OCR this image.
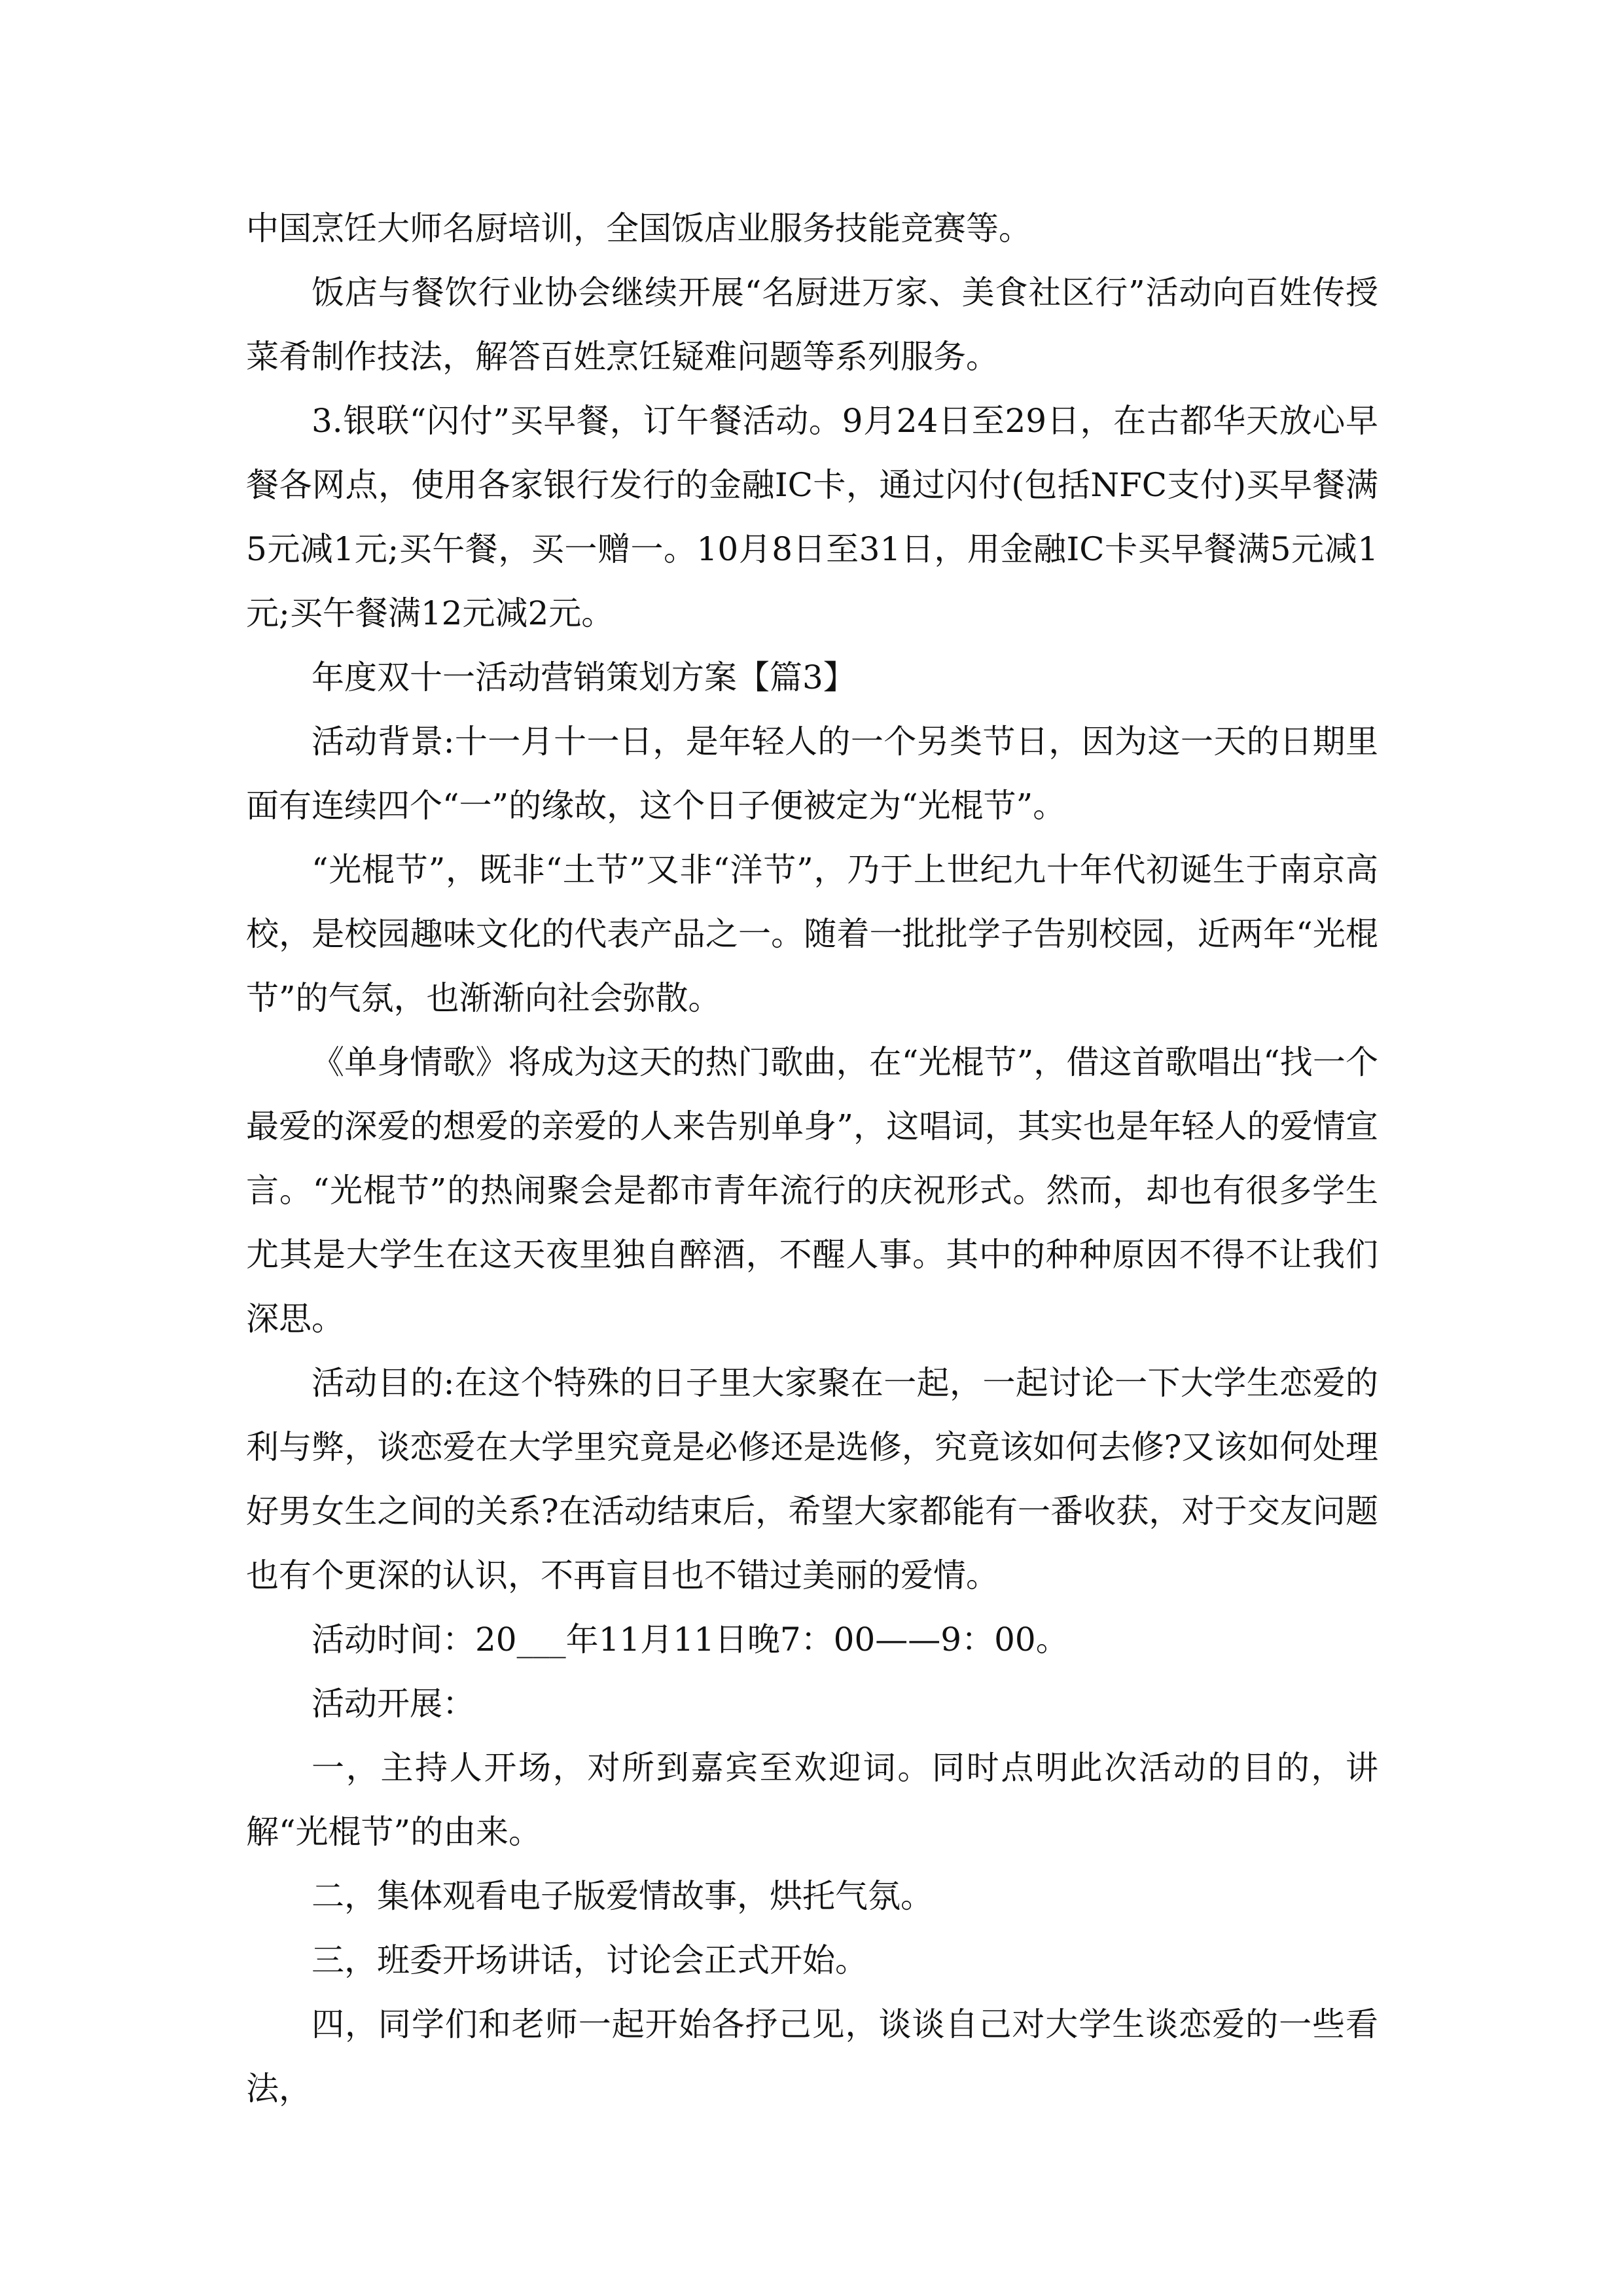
中国烹饪大师名厨培训，全国饭店业服务技能竞赛等。

饭店与餐饮行业协会继续开展“名厨进万家、美食社区行”活动向百姓传授菜肴制作技法，解答百姓烹饪疑难问题等系列服务。

3.银联“闪付”买早餐，订午餐活动。9月24日至29日，在古都华天放心早餐各网点，使用各家银行发行的金融IC卡，通过闪付(包括NFC支付)买早餐满5元减1元;买午餐，买一赠一。10月8日至31日，用金融IC卡买早餐满5元减1元;买午餐满12元减2元。

年度双十一活动营销策划方案【篇3】

活动背景:十一月十一日，是年轻人的一个另类节日，因为这一天的日期里面有连续四个“一”的缘故，这个日子便被定为“光棍节”。

“光棍节”，既非“土节”又非“洋节”，乃于上世纪九十年代初诞生于南京高校，是校园趣味文化的代表产品之一。随着一批批学子告别校园，近两年“光棍节”的气氛，也渐渐向社会弥散。

《单身情歌》将成为这天的热门歌曲，在“光棍节”，借这首歌唱出“找一个最爱的深爱的想爱的亲爱的人来告别单身”，这唱词，其实也是年轻人的爱情宣言。“光棍节”的热闹聚会是都市青年流行的庆祝形式。然而，却也有很多学生尤其是大学生在这天夜里独自醉酒，不醒人事。其中的种种原因不得不让我们深思。

活动目的:在这个特殊的日子里大家聚在一起，一起讨论一下大学生恋爱的利与弊，谈恋爱在大学里究竟是必修还是选修，究竟该如何去修?又该如何处理好男女生之间的关系?在活动结束后，希望大家都能有一番收获，对于交友问题也有个更深的认识，不再盲目也不错过美丽的爱情。

活动时间：20___年11月11日晚7：00——9：00。

活动开展：

一，主持人开场，对所到嘉宾至欢迎词。同时点明此次活动的目的，讲解“光棍节”的由来。

二，集体观看电子版爱情故事，烘托气氛。

三，班委开场讲话，讨论会正式开始。

四，同学们和老师一起开始各抒己见，谈谈自己对大学生谈恋爱的一些看法，
